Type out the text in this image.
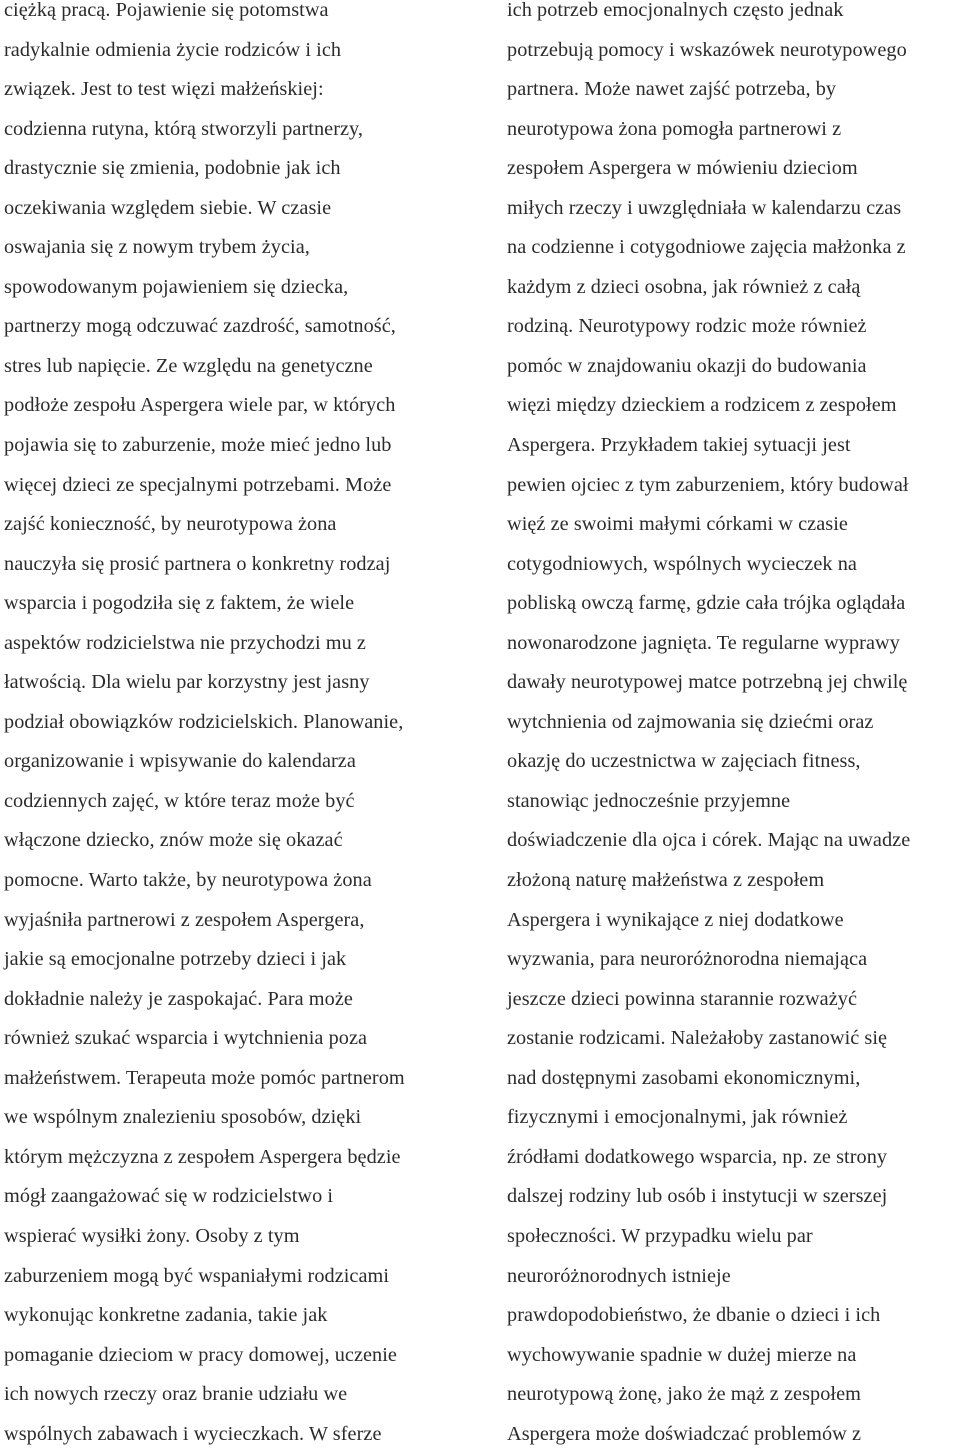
ciężką pracą. Pojawienie się potomstwa
radykalnie odmienia życie rodziców i ich
związek. Jest to test więzi małżeńskiej:
codzienna rutyna, którą stworzyli partnerzy,
drastycznie się zmienia, podobnie jak ich
oczekiwania względem siebie. W czasie
oswajania się z nowym trybem życia,
spowodowanym pojawieniem się dziecka,
partnerzy mogą odczuwać zazdrość, samotność,
stres lub napięcie. Ze względu na genetyczne
podłoże zespołu Aspergera wiele par, w których
pojawia się to zaburzenie, może mieć jedno lub
więcej dzieci ze specjalnymi potrzebami. Może
zajść konieczność, by neurotypowa żona
nauczyła się prosić partnera o konkretny rodzaj
wsparcia i pogodziła się z faktem, że wiele
aspektów rodzicielstwa nie przychodzi mu z
łatwością. Dla wielu par korzystny jest jasny
podział obowiązków rodzicielskich. Planowanie,
organizowanie i wpisywanie do kalendarza
codziennych zajęć, w które teraz może być
włączone dziecko, znów może się okazać
pomocne. Warto także, by neurotypowa żona
wyjaśniła partnerowi z zespołem Aspergera,
jakie są emocjonalne potrzeby dzieci i jak
dokładnie należy je zaspokajać. Para może
również szukać wsparcia i wytchnienia poza
małżeństwem. Terapeuta może pomóc partnerom
we wspólnym znalezieniu sposobów, dzięki
którym mężczyzna z zespołem Aspergera będzie
mógł zaangażować się w rodzicielstwo i
wspierać wysiłki żony. Osoby z tym
zaburzeniem mogą być wspaniałymi rodzicami
wykonując konkretne zadania, takie jak
pomaganie dzieciom w pracy domowej, uczenie
ich nowych rzeczy oraz branie udziału we
wspólnych zabawach i wycieczkach. W sferze
ich potrzeb emocjonalnych często jednak
potrzebują pomocy i wskazówek neurotypowego
partnera. Może nawet zajść potrzeba, by
neurotypowa żona pomogła partnerowi z
zespołem Aspergera w mówieniu dzieciom
miłych rzeczy i uwzględniała w kalendarzu czas
na codzienne i cotygodniowe zajęcia małżonka z
każdym z dzieci osobna, jak również z całą
rodziną. Neurotypowy rodzic może również
pomóc w znajdowaniu okazji do budowania
więzi między dzieckiem a rodzicem z zespołem
Aspergera. Przykładem takiej sytuacji jest
pewien ojciec z tym zaburzeniem, który budował
więź ze swoimi małymi córkami w czasie
cotygodniowych, wspólnych wycieczek na
pobliską owczą farmę, gdzie cała trójka oglądała
nowonarodzone jagnięta. Te regularne wyprawy
dawały neurotypowej matce potrzebną jej chwilę
wytchnienia od zajmowania się dziećmi oraz
okazję do uczestnictwa w zajęciach fitness,
stanowiąc jednocześnie przyjemne
doświadczenie dla ojca i córek. Mając na uwadze
złożoną naturę małżeństwa z zespołem
Aspergera i wynikające z niej dodatkowe
wyzwania, para neuroróżnorodna niemająca
jeszcze dzieci powinna starannie rozważyć
zostanie rodzicami. Należałoby zastanowić się
nad dostępnymi zasobami ekonomicznymi,
fizycznymi i emocjonalnymi, jak również
źródłami dodatkowego wsparcia, np. ze strony
dalszej rodziny lub osób i instytucji w szerszej
społeczności. W przypadku wielu par
neuroróżnorodnych istnieje
prawdopodobieństwo, że dbanie o dzieci i ich
wychowywanie spadnie w dużej mierze na
neurotypową żonę, jako że mąż z zespołem
Aspergera może doświadczać problemów z
